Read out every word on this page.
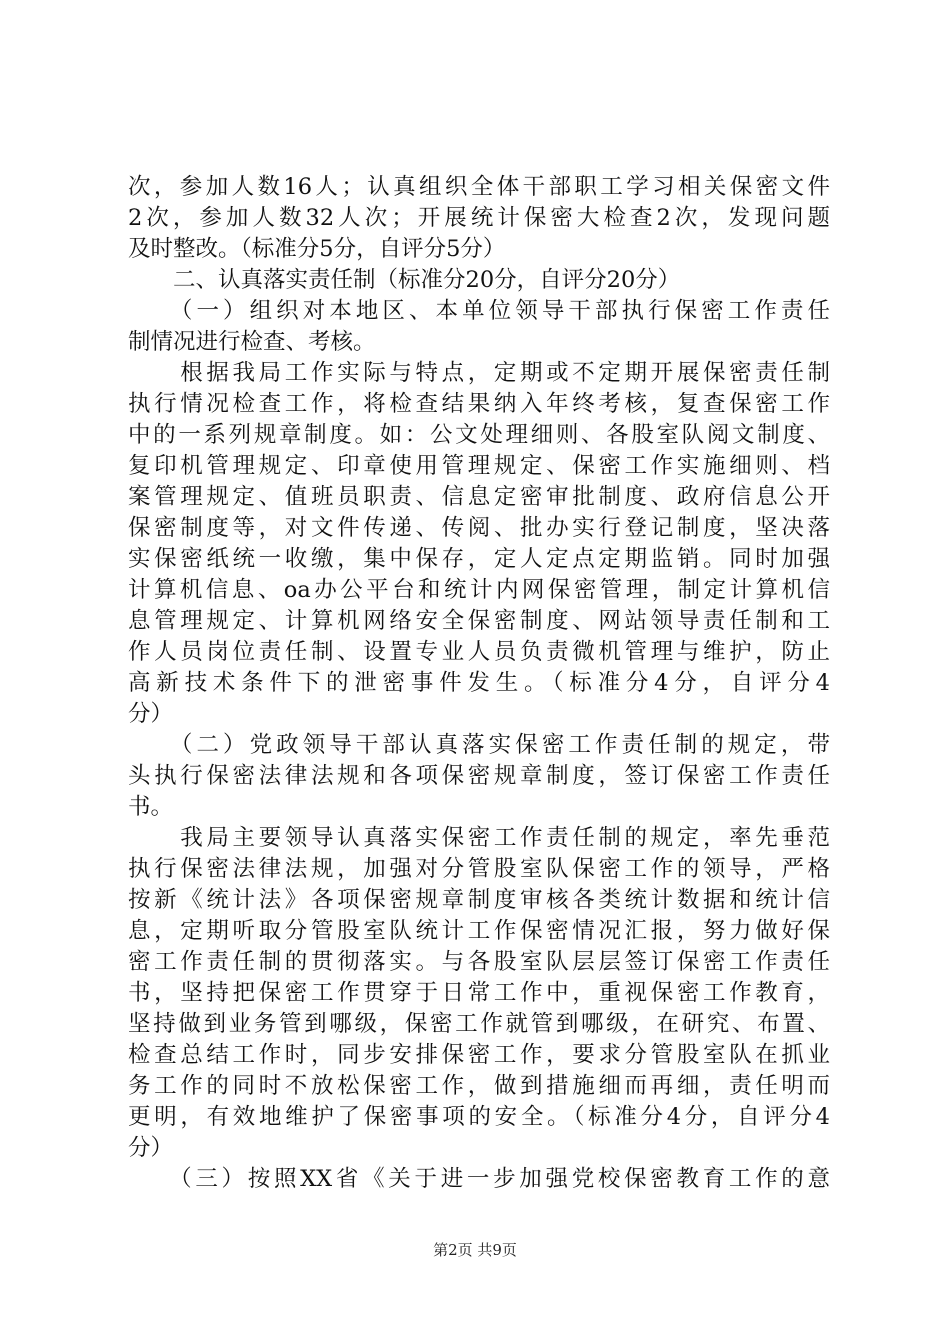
次，参加人数16人；认真组织全体干部职工学习相关保密文件
2次，参加人数32人次；开展统计保密大检查2次，发现问题
及时整改。（标准分5分，自评分5分）
　　二、认真落实责任制（标准分20分，自评分20分）
　　（一）组织对本地区、本单位领导干部执行保密工作责任
制情况进行检查、考核。
　　根据我局工作实际与特点，定期或不定期开展保密责任制
执行情况检查工作，将检查结果纳入年终考核，复查保密工作
中的一系列规章制度。如：公文处理细则、各股室队阅文制度、
复印机管理规定、印章使用管理规定、保密工作实施细则、档
案管理规定、值班员职责、信息定密审批制度、政府信息公开
保密制度等，对文件传递、传阅、批办实行登记制度，坚决落
实保密纸统一收缴，集中保存，定人定点定期监销。同时加强
计算机信息、oa办公平台和统计内网保密管理，制定计算机信
息管理规定、计算机网络安全保密制度、网站领导责任制和工
作人员岗位责任制、设置专业人员负责微机管理与维护，防止
高新技术条件下的泄密事件发生。（标准分4分，自评分4
分）
　　（二）党政领导干部认真落实保密工作责任制的规定，带
头执行保密法律法规和各项保密规章制度，签订保密工作责任
书。
　　我局主要领导认真落实保密工作责任制的规定，率先垂范
执行保密法律法规，加强对分管股室队保密工作的领导，严格
按新《统计法》各项保密规章制度审核各类统计数据和统计信
息，定期听取分管股室队统计工作保密情况汇报，努力做好保
密工作责任制的贯彻落实。与各股室队层层签订保密工作责任
书，坚持把保密工作贯穿于日常工作中，重视保密工作教育，
坚持做到业务管到哪级，保密工作就管到哪级，在研究、布置、
检查总结工作时，同步安排保密工作，要求分管股室队在抓业
务工作的同时不放松保密工作，做到措施细而再细，责任明而
更明，有效地维护了保密事项的安全。（标准分4分，自评分4
分）
　　（三）按照XX省《关于进一步加强党校保密教育工作的意
第2页 共9页
